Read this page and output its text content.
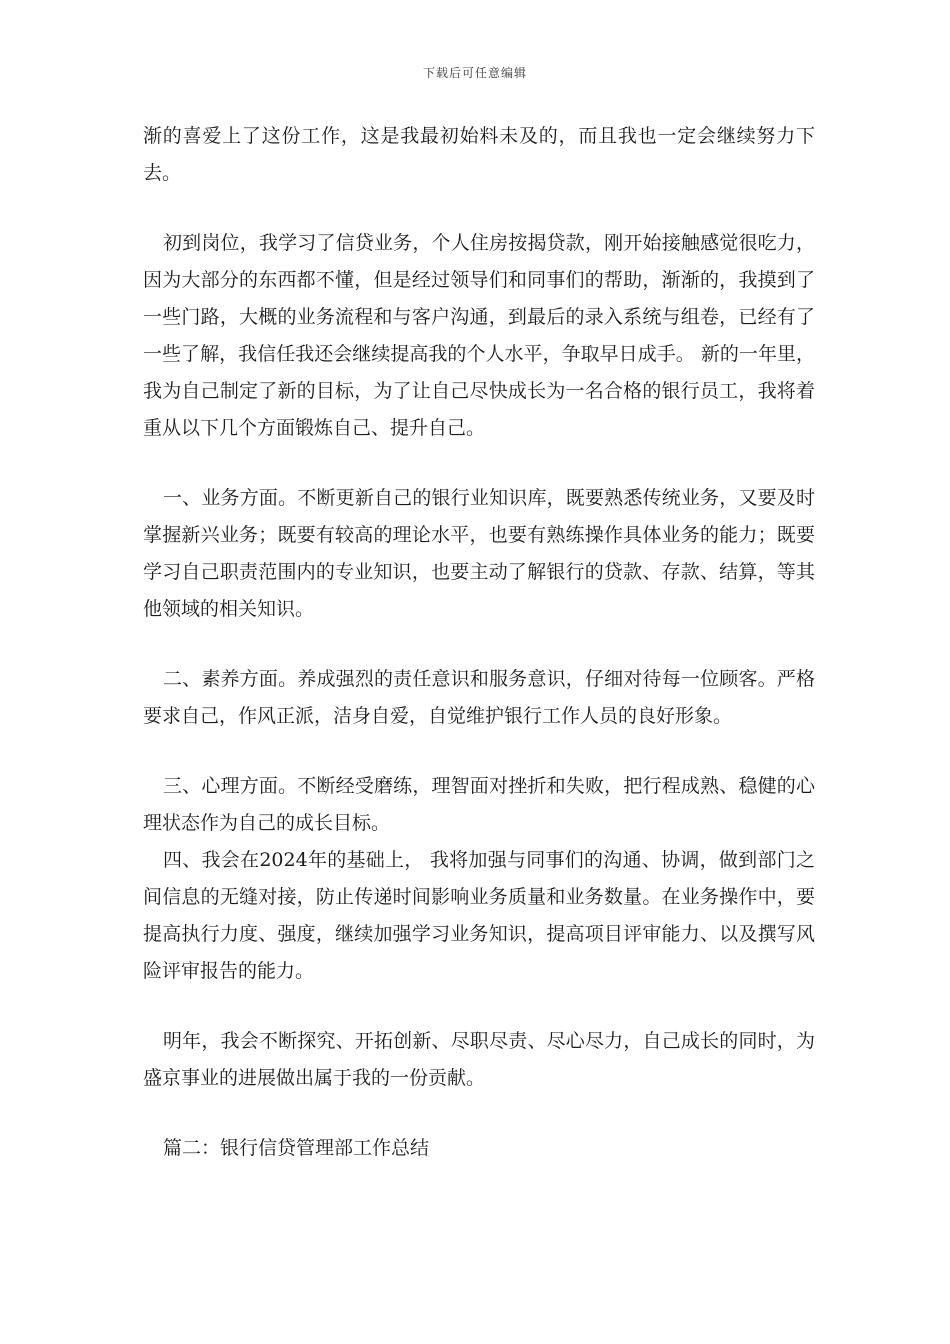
下载后可任意编辑

渐的喜爱上了这份工作，这是我最初始料未及的，而且我也一定会继续努力下去。

初到岗位，我学习了信贷业务，个人住房按揭贷款，刚开始接触感觉很吃力，因为大部分的东西都不懂，但是经过领导们和同事们的帮助，渐渐的，我摸到了一些门路，大概的业务流程和与客户沟通，到最后的录入系统与组卷，已经有了一些了解，我信任我还会继续提高我的个人水平，争取早日成手。 新的一年里，我为自己制定了新的目标，为了让自己尽快成长为一名合格的银行员工，我将着重从以下几个方面锻炼自己、提升自己。

一、业务方面。不断更新自己的银行业知识库，既要熟悉传统业务，又要及时掌握新兴业务；既要有较高的理论水平，也要有熟练操作具体业务的能力；既要学习自己职责范围内的专业知识，也要主动了解银行的贷款、存款、结算，等其他领域的相关知识。

二、素养方面。养成强烈的责任意识和服务意识，仔细对待每一位顾客。严格要求自己，作风正派，洁身自爱，自觉维护银行工作人员的良好形象。

三、心理方面。不断经受磨练，理智面对挫折和失败，把行程成熟、稳健的心理状态作为自己的成长目标。

四、我会在2024年的基础上， 我将加强与同事们的沟通、协调，做到部门之间信息的无缝对接，防止传递时间影响业务质量和业务数量。在业务操作中，要提高执行力度、强度，继续加强学习业务知识，提高项目评审能力、以及撰写风险评审报告的能力。

明年，我会不断探究、开拓创新、尽职尽责、尽心尽力，自己成长的同时，为盛京事业的进展做出属于我的一份贡献。

篇二：银行信贷管理部工作总结
